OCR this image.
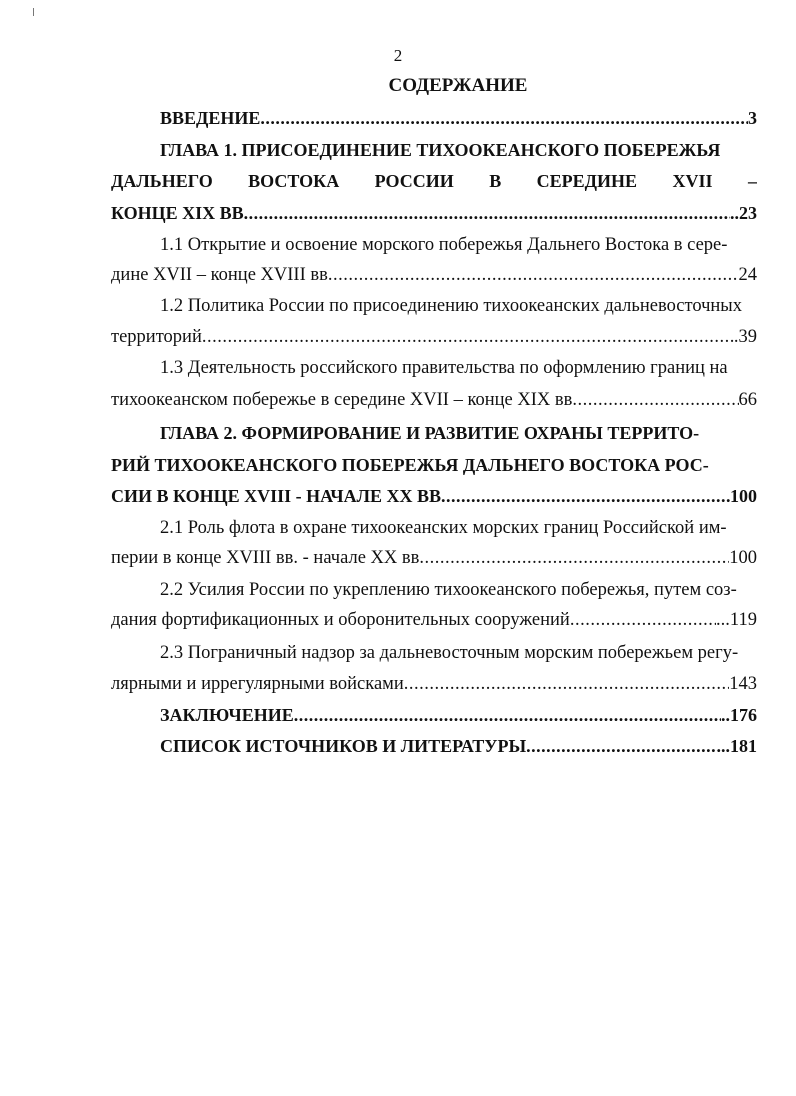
2
СОДЕРЖАНИЕ
ВВЕДЕНИЕ .....	3
ГЛАВА 1. ПРИСОЕДИНЕНИЕ ТИХООКЕАНСКОГО ПОБЕРЕЖЬЯ
ДАЛЬНЕГО ВОСТОКА РОССИИ В СЕРЕДИНЕ XVII –
КОНЦЕ XIX ВВ .....	..23
1.1 Открытие и освоение морского побережья Дальнего Востока в сере-
дине XVII – конце XVIII вв .....	24
1.2 Политика России по присоединению тихоокеанских дальневосточных
территорий .....	.39
1.3 Деятельность российского правительства по оформлению границ на
тихоокеанском побережье в середине XVII – конце XIX вв .....	66
ГЛАВА 2. ФОРМИРОВАНИЕ И РАЗВИТИЕ ОХРАНЫ ТЕРРИТО-
РИЙ ТИХООКЕАНСКОГО ПОБЕРЕЖЬЯ ДАЛЬНЕГО ВОСТОКА РОС-
СИИ В КОНЦЕ XVIII - НАЧАЛЕ XX ВВ .....	100
2.1 Роль флота в охране тихоокеанских морских границ Российской им-
перии в конце XVIII вв. - начале XX вв .....	100
2.2 Усилия России по укреплению тихоокеанского побережья, путем соз-
дания фортификационных и оборонительных сооружений .....	...119
2.3 Пограничный надзор за дальневосточным морским побережьем регу-
лярными и иррегулярными войсками .....	143
ЗАКЛЮЧЕНИЕ .....	..176
СПИСОК ИСТОЧНИКОВ И ЛИТЕРАТУРЫ .....	...181
